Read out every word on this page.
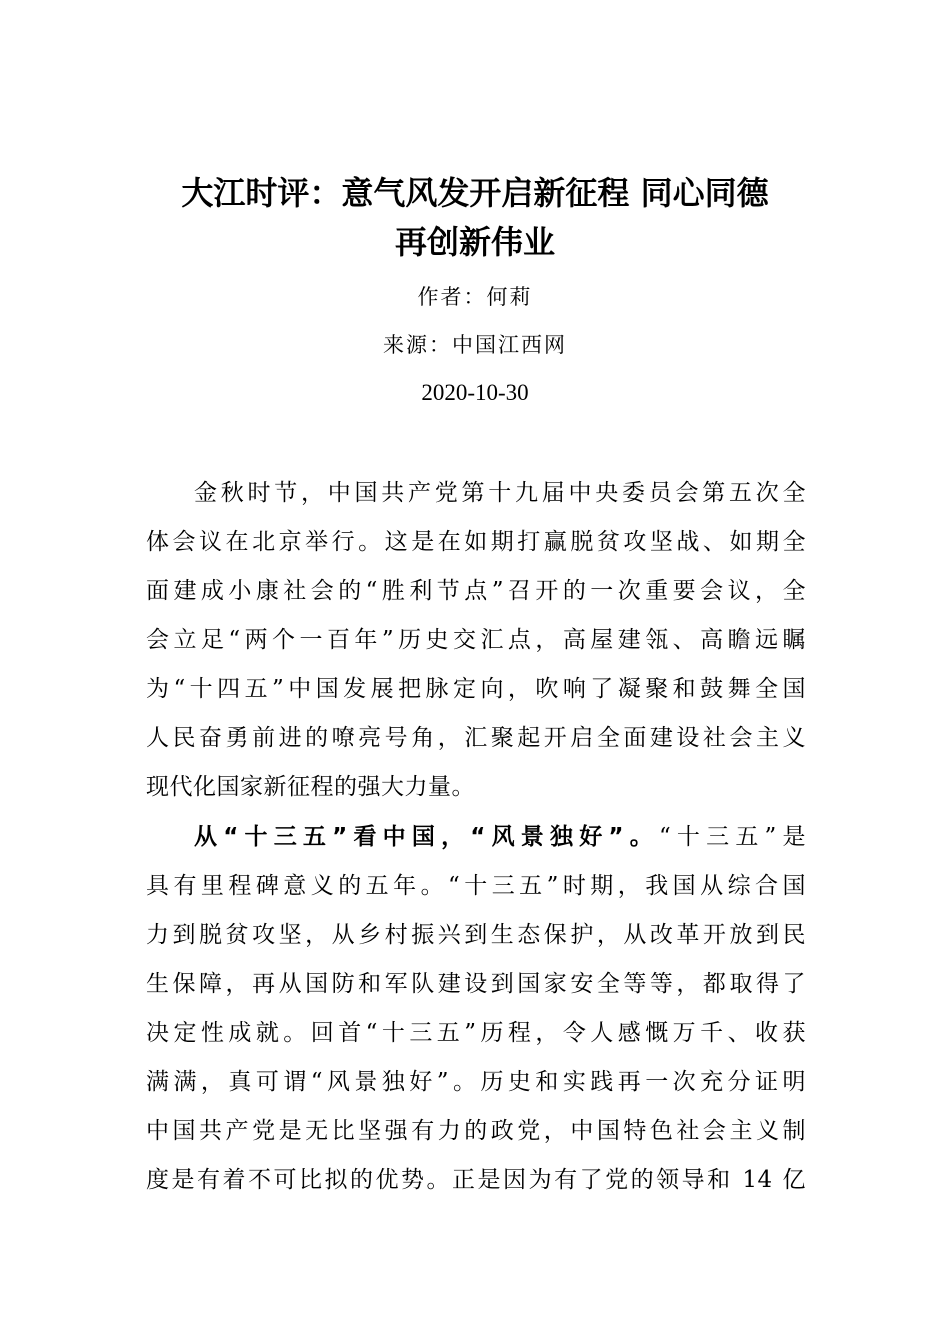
大江时评：意气风发开启新征程 同心同德
再创新伟业

作者：何莉

来源：中国江西网

2020-10-30

金秋时节，中国共产党第十九届中央委员会第五次全
体会议在北京举行。这是在如期打赢脱贫攻坚战、如期全
面建成小康社会的“胜利节点”召开的一次重要会议，全
会立足“两个一百年”历史交汇点，高屋建瓴、高瞻远瞩
为“十四五”中国发展把脉定向，吹响了凝聚和鼓舞全国
人民奋勇前进的嘹亮号角，汇聚起开启全面建设社会主义
现代化国家新征程的强大力量。
从“十三五”看中国，“风景独好”。“十三五”是
具有里程碑意义的五年。“十三五”时期，我国从综合国
力到脱贫攻坚，从乡村振兴到生态保护，从改革开放到民
生保障，再从国防和军队建设到国家安全等等，都取得了
决定性成就。回首“十三五”历程，令人感慨万千、收获
满满，真可谓“风景独好”。历史和实践再一次充分证明
中国共产党是无比坚强有力的政党，中国特色社会主义制
度是有着不可比拟的优势。正是因为有了党的领导和 14 亿
